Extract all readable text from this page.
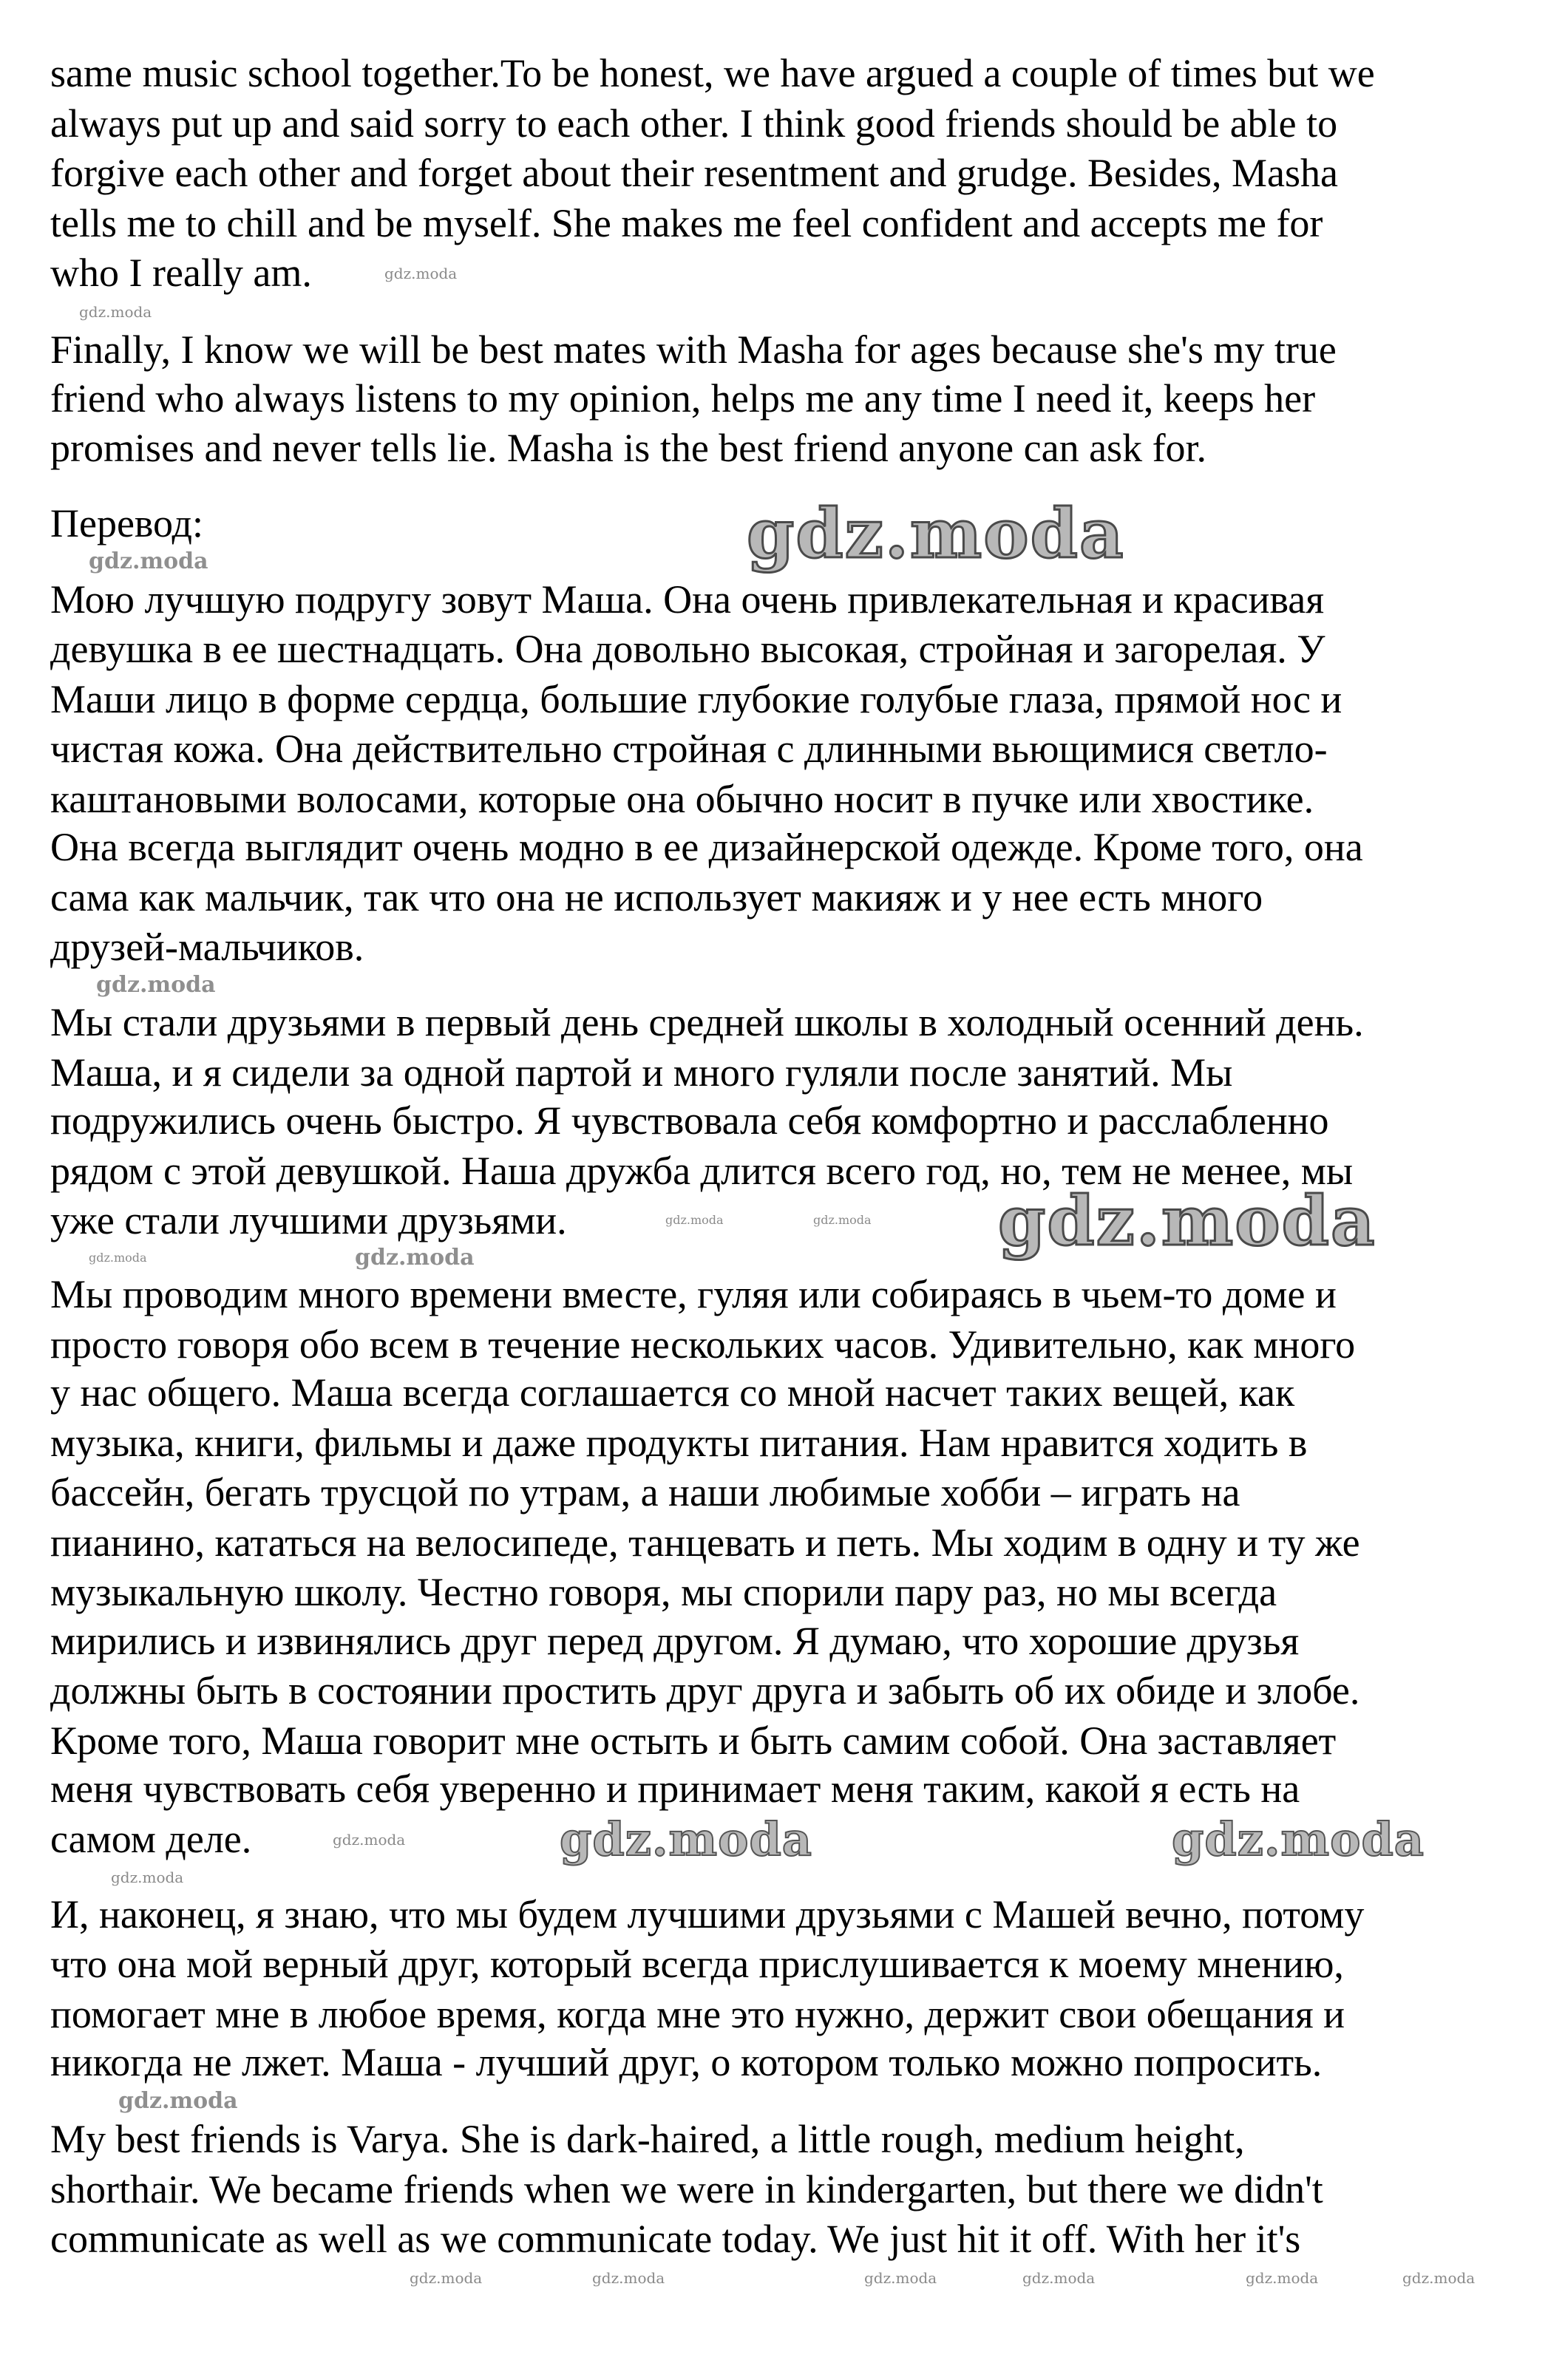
same music school together.To be honest, we have argued a couple of times but we
always put up and said sorry to each other. I think good friends should be able to
forgive each other and forget about their resentment and grudge. Besides, Masha
tells me to chill and be myself. She makes me feel confident and accepts me for
who I really am.
Finally, I know we will be best mates with Masha for ages because she's my true
friend who always listens to my opinion, helps me any time I need it, keeps her
promises and never tells lie. Masha is the best friend anyone can ask for.
Перевод:
Мою лучшую подругу зовут Маша. Она очень привлекательная и красивая
девушка в ее шестнадцать. Она довольно высокая, стройная и загорелая. У
Маши лицо в форме сердца, большие глубокие голубые глаза, прямой нос и
чистая кожа. Она действительно стройная с длинными вьющимися светло-
каштановыми волосами, которые она обычно носит в пучке или хвостике.
Она всегда выглядит очень модно в ее дизайнерской одежде. Кроме того, она
сама как мальчик, так что она не использует макияж и у нее есть много
друзей-мальчиков.
Мы стали друзьями в первый день средней школы в холодный осенний день.
Маша, и я сидели за одной партой и много гуляли после занятий. Мы
подружились очень быстро. Я чувствовала себя комфортно и расслабленно
рядом с этой девушкой. Наша дружба длится всего год, но, тем не менее, мы
уже стали лучшими друзьями.
Мы проводим много времени вместе, гуляя или собираясь в чьем-то доме и
просто говоря обо всем в течение нескольких часов. Удивительно, как много
у нас общего. Маша всегда соглашается со мной насчет таких вещей, как
музыка, книги, фильмы и даже продукты питания. Нам нравится ходить в
бассейн, бегать трусцой по утрам, а наши любимые хобби – играть на
пианино, кататься на велосипеде, танцевать и петь. Мы ходим в одну и ту же
музыкальную школу. Честно говоря, мы спорили пару раз, но мы всегда
мирились и извинялись друг перед другом. Я думаю, что хорошие друзья
должны быть в состоянии простить друг друга и забыть об их обиде и злобе.
Кроме того, Маша говорит мне остыть и быть самим собой. Она заставляет
меня чувствовать себя уверенно и принимает меня таким, какой я есть на
самом деле.
И, наконец, я знаю, что мы будем лучшими друзьями с Машей вечно, потому
что она мой верный друг, который всегда прислушивается к моему мнению,
помогает мне в любое время, когда мне это нужно, держит свои обещания и
никогда не лжет. Маша - лучший друг, о котором только можно попросить.
My best friends is Varya. She is dark-haired, a little rough, medium height,
shorthair. We became friends when we were in kindergarten, but there we didn't
communicate as well as we communicate today. We just hit it off. With her it's
gdz.moda
gdz.moda
gdz.moda
gdz.moda
gdz.moda
gdz.moda
gdz.moda	gdz.moda
gdz.moda	gdz.moda
gdz.moda	gdz.moda	gdz.moda
gdz.moda
gdz.moda
gdz.moda	gdz.moda	gdz.moda	gdz.moda	gdz.moda	gdz.moda
